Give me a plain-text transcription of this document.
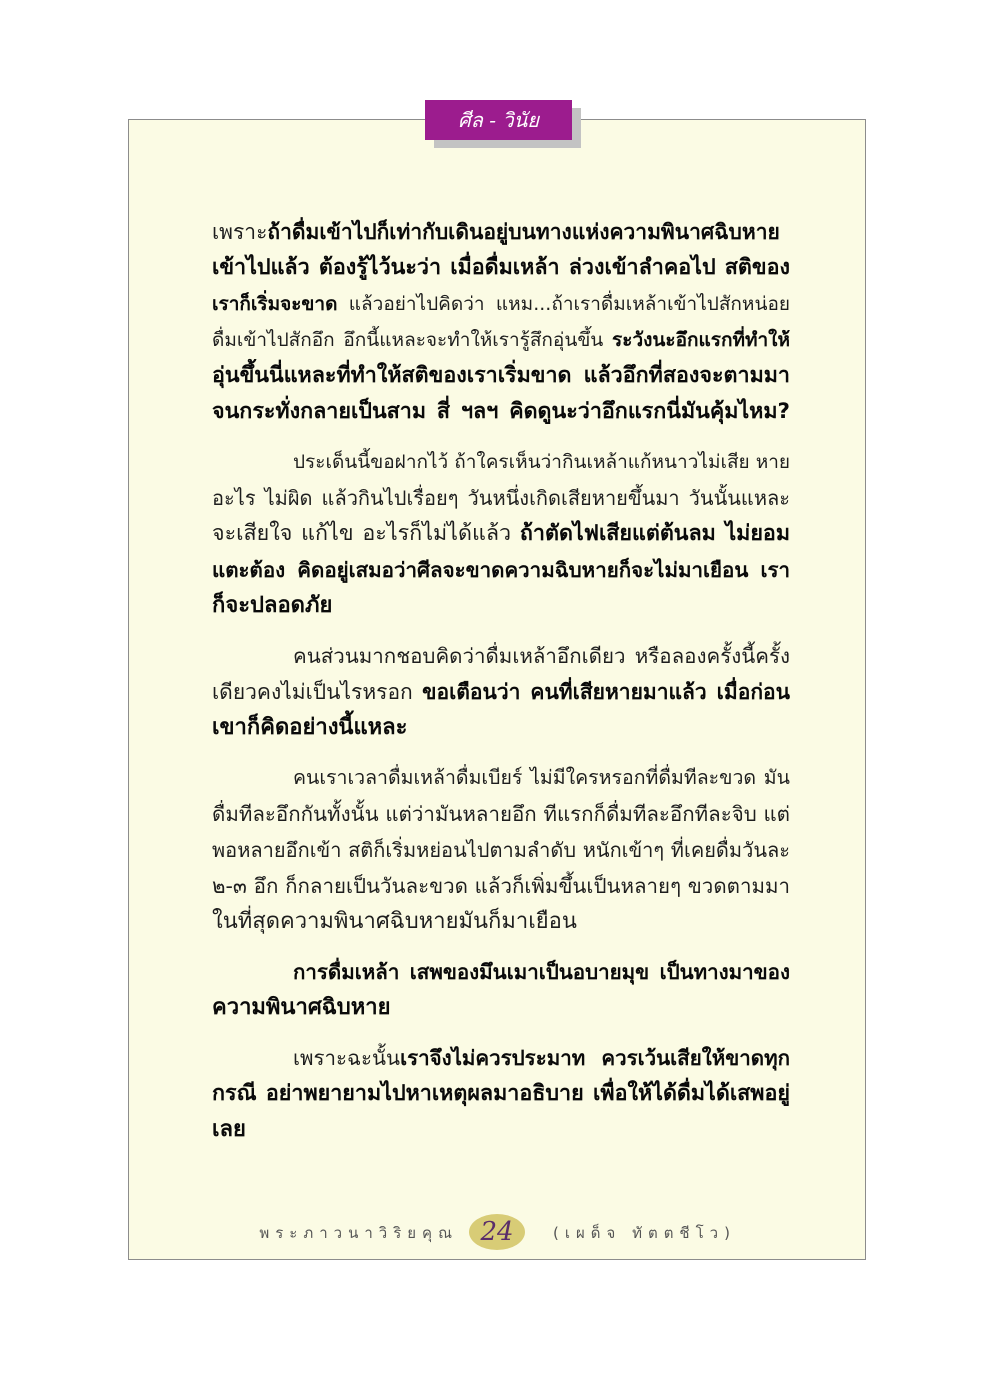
ศีล - วินัย
เพราะถ้าดื่มเข้าไปก็เท่ากับเดินอยู่บนทางแห่งความพินาศฉิบหาย
เข้าไปแล้ว ต้องรู้ไว้นะว่า เมื่อดื่มเหล้า ล่วงเข้าลำคอไป สติของ
เราก็เริ่มจะขาด แล้วอย่าไปคิดว่า แหม...ถ้าเราดื่มเหล้าเข้าไปสักหน่อย
ดื่มเข้าไปสักอึก อึกนี้แหละจะทำให้เรารู้สึกอุ่นขึ้น ระวังนะอึกแรกที่ทำให้
อุ่นขึ้นนี่แหละที่ทำให้สติของเราเริ่มขาด แล้วอึกที่สองจะตามมา
จนกระทั่งกลายเป็นสาม สี่ ฯลฯ คิดดูนะว่าอึกแรกนี่มันคุ้มไหม?
ประเด็นนี้ขอฝากไว้ ถ้าใครเห็นว่ากินเหล้าแก้หนาวไม่เสีย หาย
อะไร ไม่ผิด แล้วกินไปเรื่อยๆ วันหนึ่งเกิดเสียหายขึ้นมา วันนั้นแหละ
จะเสียใจ แก้ไข อะไรก็ไม่ได้แล้ว ถ้าตัดไฟเสียแต่ต้นลม ไม่ยอม
แตะต้อง คิดอยู่เสมอว่าศีลจะขาดความฉิบหายก็จะไม่มาเยือน เรา
ก็จะปลอดภัย
คนส่วนมากชอบคิดว่าดื่มเหล้าอึกเดียว หรือลองครั้งนี้ครั้ง
เดียวคงไม่เป็นไรหรอก ขอเตือนว่า คนที่เสียหายมาแล้ว เมื่อก่อน
เขาก็คิดอย่างนี้แหละ
คนเราเวลาดื่มเหล้าดื่มเบียร์ ไม่มีใครหรอกที่ดื่มทีละขวด มัน
ดื่มทีละอึกกันทั้งนั้น แต่ว่ามันหลายอึก ทีแรกก็ดื่มทีละอึกทีละจิบ แต่
พอหลายอึกเข้า สติก็เริ่มหย่อนไปตามลำดับ หนักเข้าๆ ที่เคยดื่มวันละ
๒-๓ อึก ก็กลายเป็นวันละขวด แล้วก็เพิ่มขึ้นเป็นหลายๆ ขวดตามมา
ในที่สุดความพินาศฉิบหายมันก็มาเยือน
การดื่มเหล้า เสพของมึนเมาเป็นอบายมุข เป็นทางมาของ
ความพินาศฉิบหาย
เพราะฉะนั้นเราจึงไม่ควรประมาท ควรเว้นเสียให้ขาดทุก
กรณี อย่าพยายามไปหาเหตุผลมาอธิบาย เพื่อให้ได้ดื่มได้เสพอยู่
เลย
พระภาวนาวิริยคุณ 24	(เผด็จ ทัตตชีโว)
